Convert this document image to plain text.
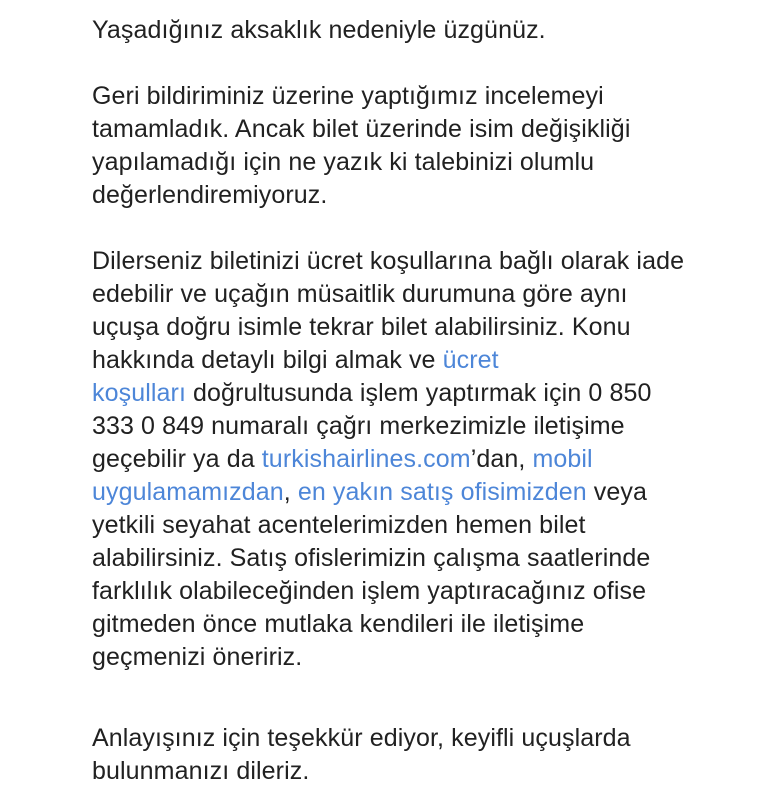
Yaşadığınız aksaklık nedeniyle üzgünüz.
Geri bildiriminiz üzerine yaptığımız incelemeyi
tamamladık. Ancak bilet üzerinde isim değişikliği
yapılamadığı için ne yazık ki talebinizi olumlu
değerlendiremiyoruz.
Dilerseniz biletinizi ücret koşullarına bağlı olarak iade
edebilir ve uçağın müsaitlik durumuna göre aynı
uçuşa doğru isimle tekrar bilet alabilirsiniz. Konu
hakkında detaylı bilgi almak ve ücret
koşulları doğrultusunda işlem yaptırmak için 0 850
333 0 849 numaralı çağrı merkezimizle iletişime
geçebilir ya da turkishairlines.com’dan, mobil
uygulamamızdan, en yakın satış ofisimizden veya
yetkili seyahat acentelerimizden hemen bilet
alabilirsiniz. Satış ofislerimizin çalışma saatlerinde
farklılık olabileceğinden işlem yaptıracağınız ofise
gitmeden önce mutlaka kendileri ile iletişime
geçmenizi öneririz.
Anlayışınız için teşekkür ediyor, keyifli uçuşlarda
bulunmanızı dileriz.
